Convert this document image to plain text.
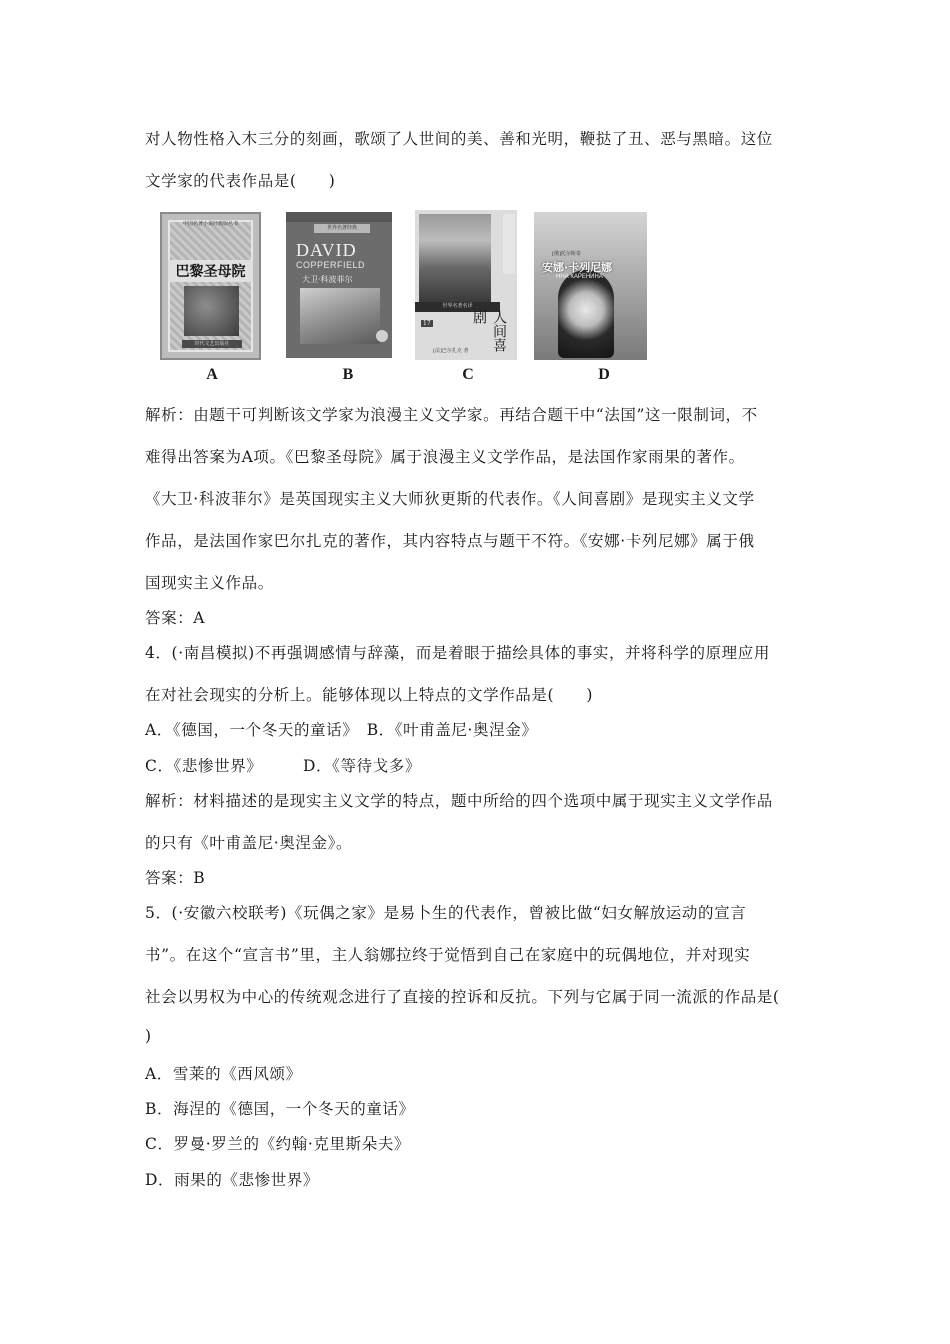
对人物性格入木三分的刻画，歌颂了人世间的美、善和光明，鞭挞了丑、恶与黑暗。这位
文学家的代表作品是(　　)
中国名著小说经典版丛书
巴黎圣母院
时代文艺出版社
A
世界名著经典
DAVID
COPPERFIELD
大卫·科波菲尔
B
世界名著名译
17	人间喜剧
[法]巴尔扎克 著
C
[俄]托尔斯泰
安娜·卡列尼娜
ННА КАРЕНИНА
D
解析：由题干可判断该文学家为浪漫主义文学家。再结合题干中“法国”这一限制词，不
难得出答案为A项。《巴黎圣母院》属于浪漫主义文学作品，是法国作家雨果的著作。
《大卫·科波菲尔》是英国现实主义大师狄更斯的代表作。《人间喜剧》是现实主义文学
作品，是法国作家巴尔扎克的著作，其内容特点与题干不符。《安娜·卡列尼娜》属于俄
国现实主义作品。
答案：A
4．(·南昌模拟)不再强调感情与辞藻，而是着眼于描绘具体的事实，并将科学的原理应用
在对社会现实的分析上。能够体现以上特点的文学作品是(　　)
A．《德国，一个冬天的童话》　B．《叶甫盖尼·奥涅金》
C．《悲惨世界》　　　D．《等待戈多》
解析：材料描述的是现实主义文学的特点，题中所给的四个选项中属于现实主义文学作品
的只有《叶甫盖尼·奥涅金》。
答案：B
5．(·安徽六校联考)《玩偶之家》是易卜生的代表作，曾被比做“妇女解放运动的宣言
书”。在这个“宣言书”里，主人翁娜拉终于觉悟到自己在家庭中的玩偶地位，并对现实
社会以男权为中心的传统观念进行了直接的控诉和反抗。下列与它属于同一流派的作品是(
)
A．雪莱的《西风颂》
B．海涅的《德国，一个冬天的童话》
C．罗曼·罗兰的《约翰·克里斯朵夫》
D．雨果的《悲惨世界》
